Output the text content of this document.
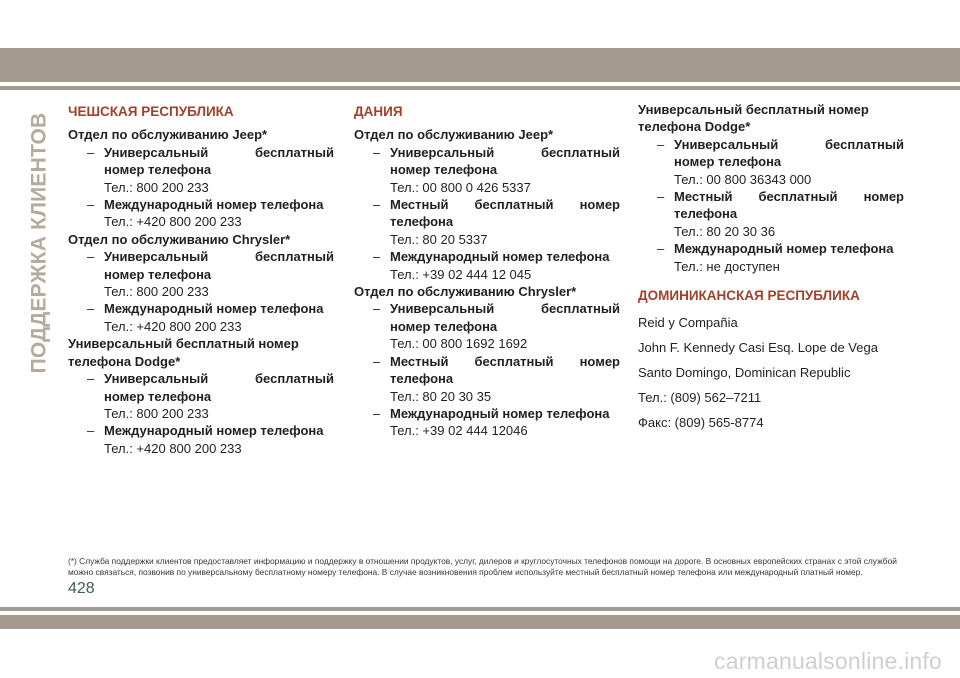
ПОДДЕРЖКА КЛИЕНТОВ
ЧЕШСКАЯ РЕСПУБЛИКА
Отдел по обслуживанию Jeep*
– Универсальный бесплатный номер телефона
Тел.: 800 200 233
– Международный номер телефона
Тел.: +420 800 200 233
Отдел по обслуживанию Chrysler*
– Универсальный бесплатный номер телефона
Тел.: 800 200 233
– Международный номер телефона
Тел.: +420 800 200 233
Универсальный бесплатный номер телефона Dodge*
– Универсальный бесплатный номер телефона
Тел.: 800 200 233
– Международный номер телефона
Тел.: +420 800 200 233
ДАНИЯ
Отдел по обслуживанию Jeep*
– Универсальный бесплатный номер телефона
Тел.: 00 800 0 426 5337
– Местный бесплатный номер телефона
Тел.: 80 20 5337
– Международный номер телефона
Тел.: +39 02 444 12 045
Отдел по обслуживанию Chrysler*
– Универсальный бесплатный номер телефона
Тел.: 00 800 1692 1692
– Местный бесплатный номер телефона
Тел.: 80 20 30 35
– Международный номер телефона
Тел.: +39 02 444 12046
Универсальный бесплатный номер телефона Dodge*
– Универсальный бесплатный номер телефона
Тел.: 00 800 36343 000
– Местный бесплатный номер телефона
Тел.: 80 20 30 36
– Международный номер телефона
Тел.: не доступен
ДОМИНИКАНСКАЯ РЕСПУБЛИКА
Reid y Compañia
John F. Kennedy Casi Esq. Lope de Vega
Santo Domingo, Dominican Republic
Тел.: (809) 562–7211
Факс: (809) 565-8774
(*) Служба поддержки клиентов предоставляет информацию и поддержку в отношении продуктов, услуг, дилеров и круглосуточных телефонов помощи на дороге. В основных европейских странах с этой службой можно связаться, позвонив по универсальному бесплатному номеру телефона. В случае возникновения проблем используйте местный бесплатный номер телефона или международный платный номер.
428
carmanualsonline.info
